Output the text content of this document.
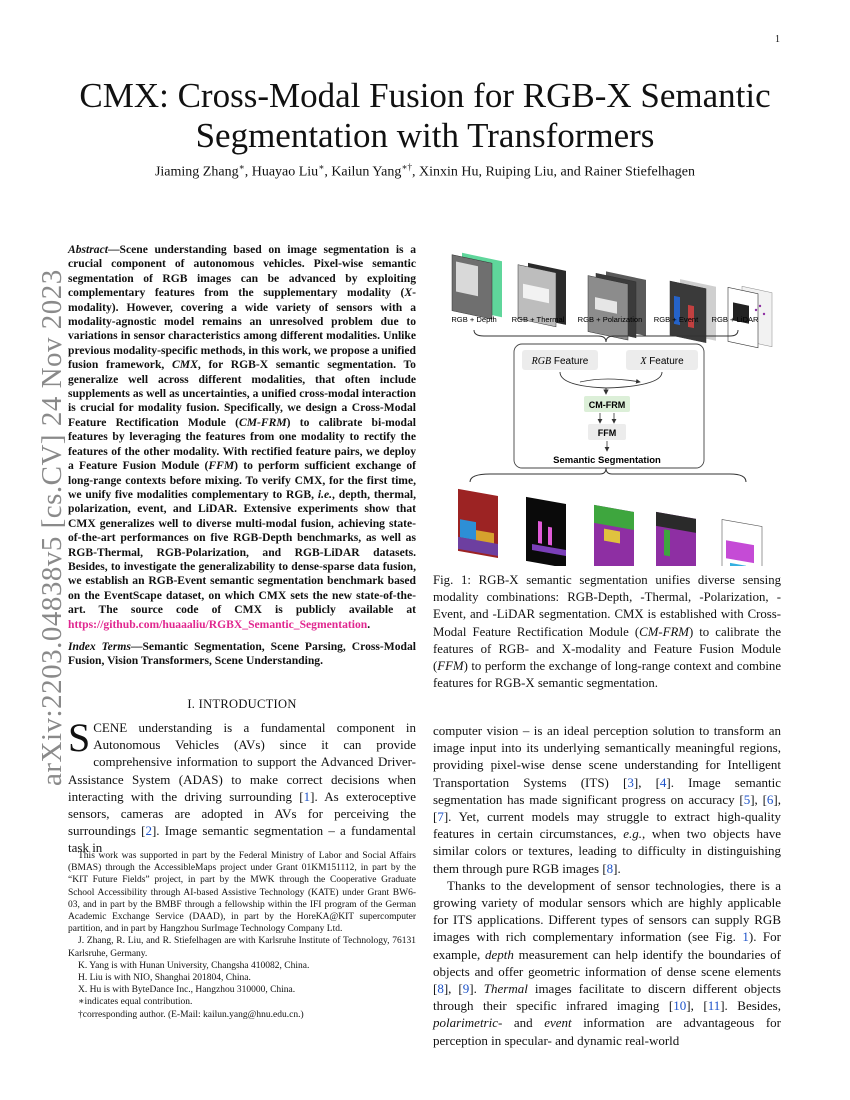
1
arXiv:2203.04838v5 [cs.CV] 24 Nov 2023
CMX: Cross-Modal Fusion for RGB-X Semantic Segmentation with Transformers
Jiaming Zhang∗, Huayao Liu∗, Kailun Yang∗†, Xinxin Hu, Ruiping Liu, and Rainer Stiefelhagen
Abstract—Scene understanding based on image segmentation is a crucial component of autonomous vehicles. Pixel-wise semantic segmentation of RGB images can be advanced by exploiting complementary features from the supplementary modality (X-modality). However, covering a wide variety of sensors with a modality-agnostic model remains an unresolved problem due to variations in sensor characteristics among different modalities. Unlike previous modality-specific methods, in this work, we propose a unified fusion framework, CMX, for RGB-X semantic segmentation. To generalize well across different modalities, that often include supplements as well as uncertainties, a unified cross-modal interaction is crucial for modality fusion. Specifically, we design a Cross-Modal Feature Rectification Module (CM-FRM) to calibrate bi-modal features by leveraging the features from one modality to rectify the features of the other modality. With rectified feature pairs, we deploy a Feature Fusion Module (FFM) to perform sufficient exchange of long-range contexts before mixing. To verify CMX, for the first time, we unify five modalities complementary to RGB, i.e., depth, thermal, polarization, event, and LiDAR. Extensive experiments show that CMX generalizes well to diverse multi-modal fusion, achieving state-of-the-art performances on five RGB-Depth benchmarks, as well as RGB-Thermal, RGB-Polarization, and RGB-LiDAR datasets. Besides, to investigate the generalizability to dense-sparse data fusion, we establish an RGB-Event semantic segmentation benchmark based on the EventScape dataset, on which CMX sets the new state-of-the-art. The source code of CMX is publicly available at https://github.com/huaaaliu/RGBX_Semantic_Segmentation.
Index Terms—Semantic Segmentation, Scene Parsing, Cross-Modal Fusion, Vision Transformers, Scene Understanding.
I. INTRODUCTION
SCENE understanding is a fundamental component in Autonomous Vehicles (AVs) since it can provide comprehensive information to support the Advanced Driver-Assistance System (ADAS) to make correct decisions when interacting with the driving surrounding [1]. As exteroceptive sensors, cameras are adopted in AVs for perceiving the surroundings [2]. Image semantic segmentation – a fundamental task in

This work was supported in part by the Federal Ministry of Labor and Social Affairs (BMAS) through the AccessibleMaps project under Grant 01KM151112, in part by the “KIT Future Fields” project, in part by the MWK through the Cooperative Graduate School Accessibility through AI-based Assistive Technology (KATE) under Grant BW6-03, and in part by the BMBF through a fellowship within the IFI program of the German Academic Exchange Service (DAAD), in part by the HoreKA@KIT supercomputer partition, and in part by Hangzhou SurImage Technology Company Ltd.

J. Zhang, R. Liu, and R. Stiefelhagen are with Karlsruhe Institute of Technology, 76131 Karlsruhe, Germany.

K. Yang is with Hunan University, Changsha 410082, China.

H. Liu is with NIO, Shanghai 201804, China.

X. Hu is with ByteDance Inc., Hangzhou 310000, China.

∗indicates equal contribution.

†corresponding author. (E-Mail: kailun.yang@hnu.edu.cn.)

RGB + Depth RGB + Thermal RGB + Polarization RGB + Event RGB + LiDAR
RGB Feature	X Feature
CM-FRM
FFM
Semantic Segmentation
Fig. 1: RGB-X semantic segmentation unifies diverse sensing modality combinations: RGB-Depth, -Thermal, -Polarization, -Event, and -LiDAR segmentation. CMX is established with Cross-Modal Feature Rectification Module (CM-FRM) to calibrate the features of RGB- and X-modality and Feature Fusion Module (FFM) to perform the exchange of long-range context and combine features for RGB-X semantic segmentation.

computer vision – is an ideal perception solution to transform an image input into its underlying semantically meaningful regions, providing pixel-wise dense scene understanding for Intelligent Transportation Systems (ITS) [3], [4]. Image semantic segmentation has made significant progress on accuracy [5], [6], [7]. Yet, current models may struggle to extract high-quality features in certain circumstances, e.g., when two objects have similar colors or textures, leading to difficulty in distinguishing them through pure RGB images [8].

Thanks to the development of sensor technologies, there is a growing variety of modular sensors which are highly applicable for ITS applications. Different types of sensors can supply RGB images with rich complementary information (see Fig. 1). For example, depth measurement can help identify the boundaries of objects and offer geometric information of dense scene elements [8], [9]. Thermal images facilitate to discern different objects through their specific infrared imaging [10], [11]. Besides, polarimetric- and event information are advantageous for perception in specular- and dynamic real-world
